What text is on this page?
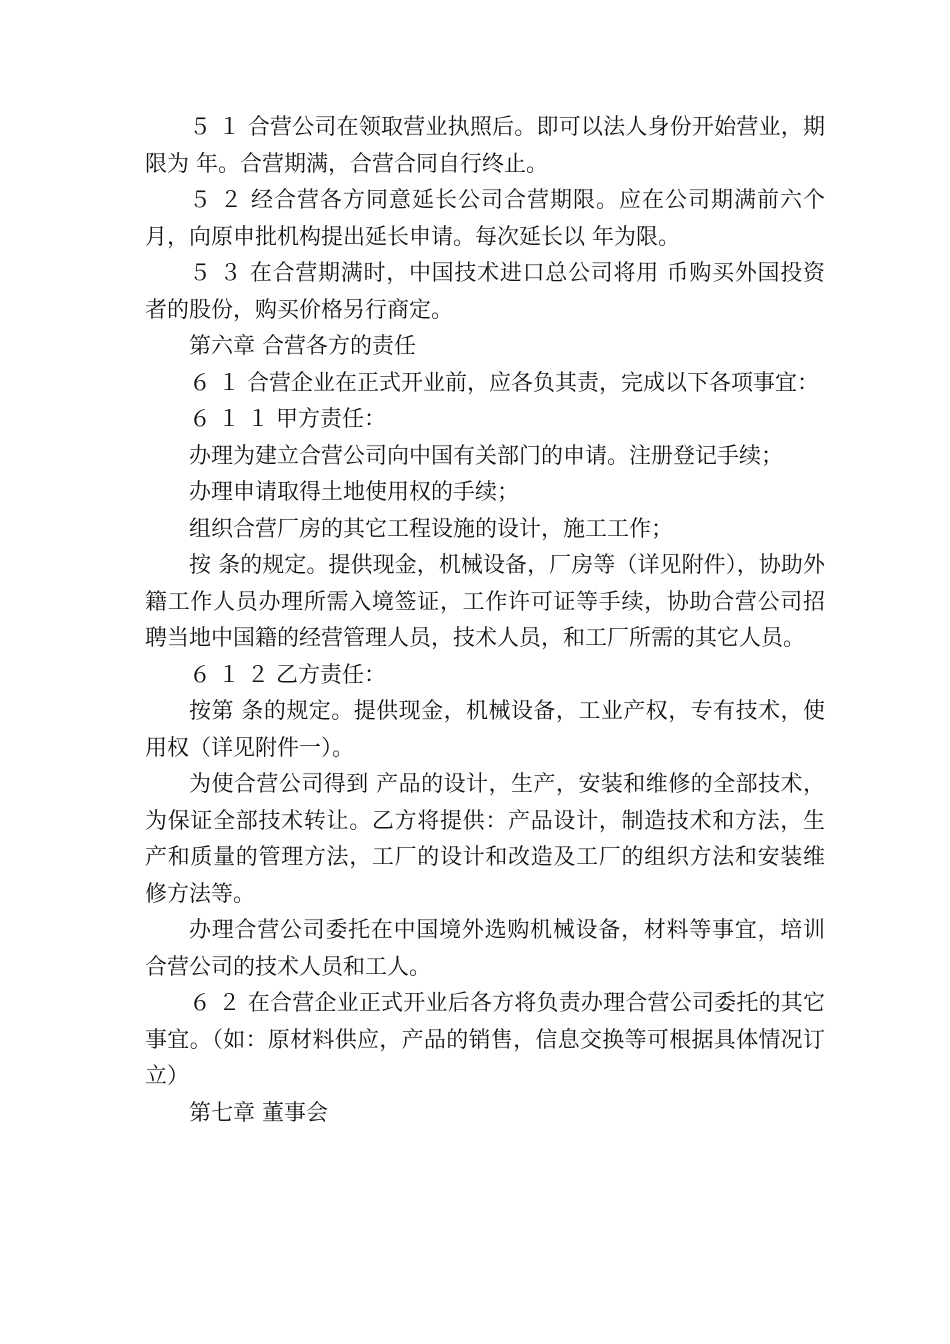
５ １ 合营公司在领取营业执照后。即可以法人身份开始营业，期限为 年。合营期满，合营合同自行终止。

５ ２ 经合营各方同意延长公司合营期限。应在公司期满前六个月，向原申批机构提出延长申请。每次延长以 年为限。

５ ３ 在合营期满时，中国技术进口总公司将用 币购买外国投资者的股份，购买价格另行商定。

第六章 合营各方的责任

６ １ 合营企业在正式开业前，应各负其责，完成以下各项事宜：

６ １ １ 甲方责任：

办理为建立合营公司向中国有关部门的申请。注册登记手续；

办理申请取得土地使用权的手续；

组织合营厂房的其它工程设施的设计，施工工作；

按 条的规定。提供现金，机械设备，厂房等（详见附件），协助外籍工作人员办理所需入境签证，工作许可证等手续，协助合营公司招聘当地中国籍的经营管理人员，技术人员，和工厂所需的其它人员。

６ １ ２ 乙方责任：

按第 条的规定。提供现金，机械设备，工业产权，专有技术，使用权（详见附件一）。

为使合营公司得到 产品的设计，生产，安装和维修的全部技术，为保证全部技术转让。乙方将提供：产品设计，制造技术和方法，生产和质量的管理方法，工厂的设计和改造及工厂的组织方法和安装维修方法等。

办理合营公司委托在中国境外选购机械设备，材料等事宜，培训合营公司的技术人员和工人。

６ ２ 在合营企业正式开业后各方将负责办理合营公司委托的其它事宜。（如：原材料供应，产品的销售，信息交换等可根据具体情况订立）

第七章 董事会
